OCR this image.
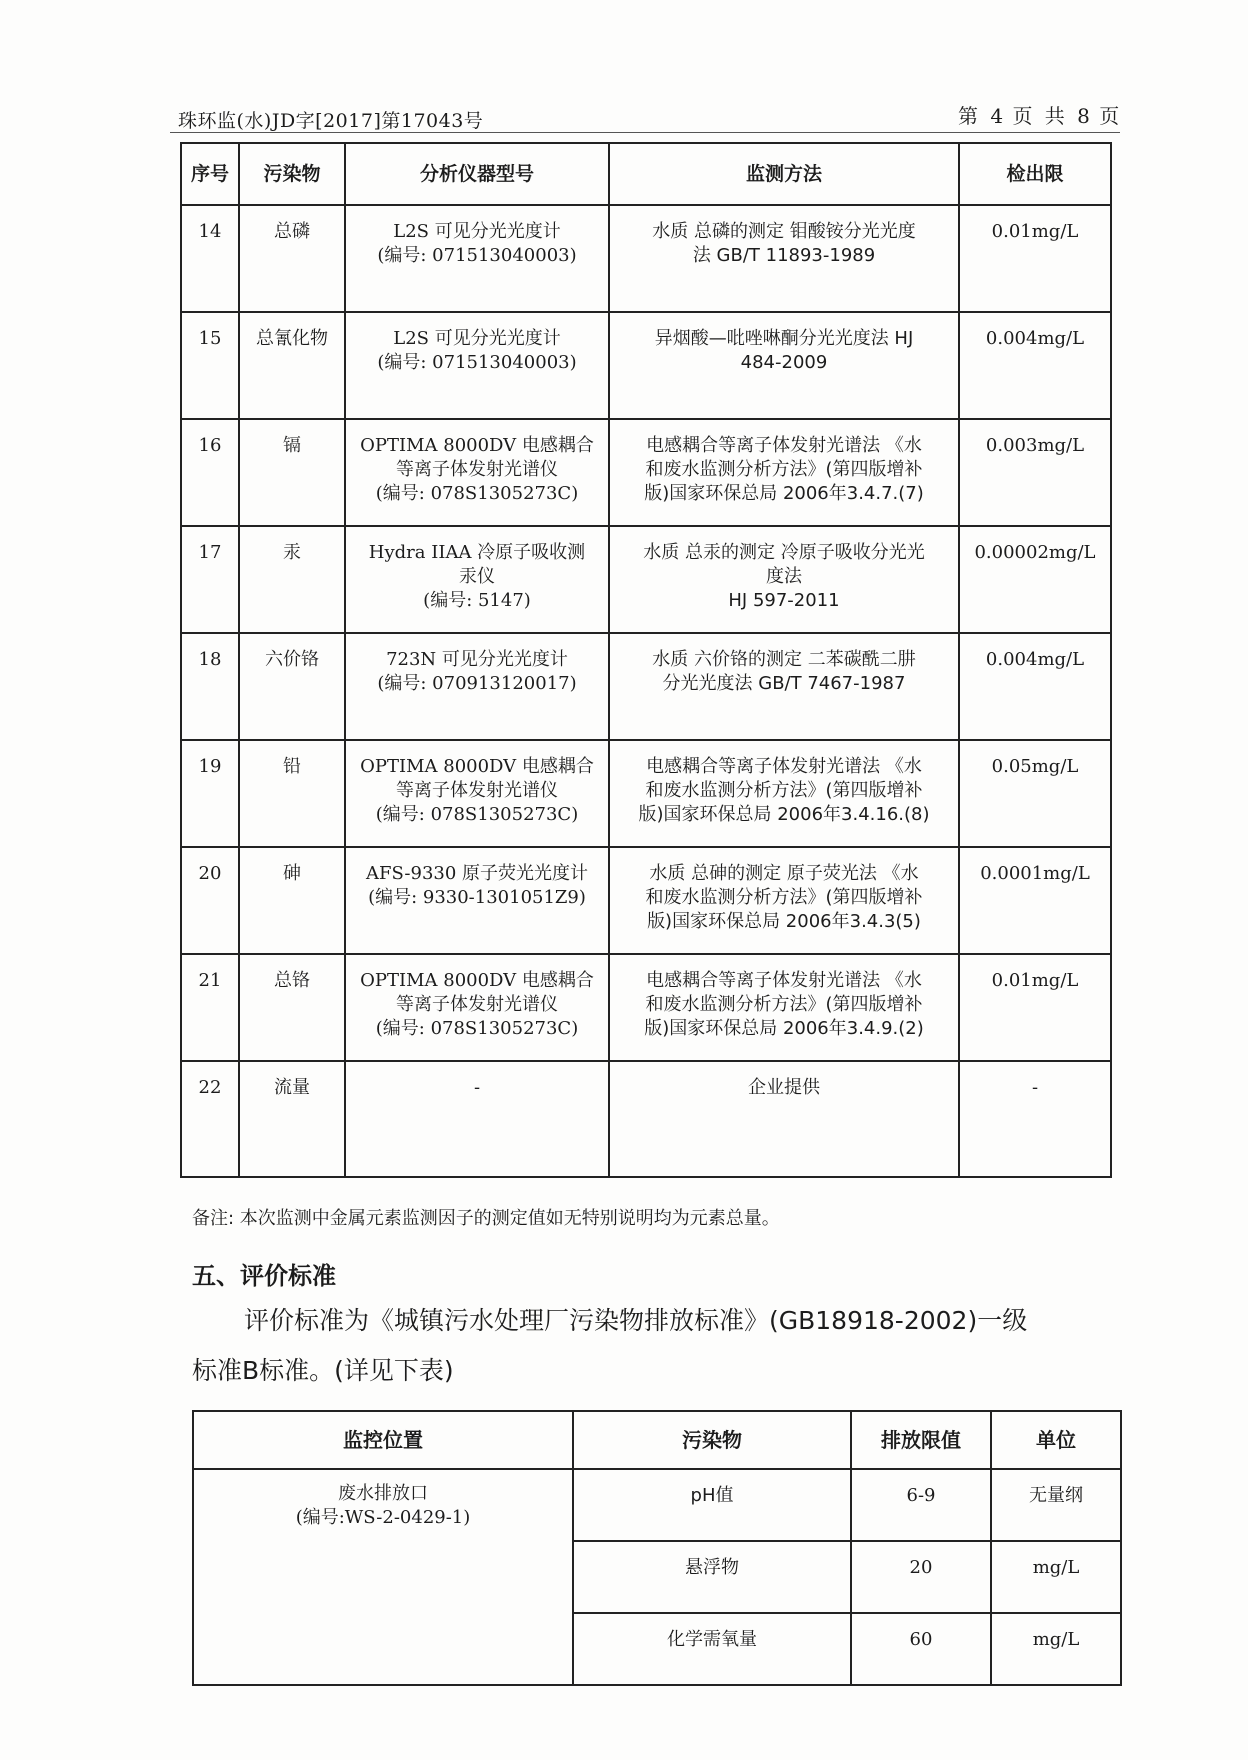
珠环监(水)JD字[2017]第17043号	第 4 页 共 8 页
序号	污染物	分析仪器型号	监测方法	检出限
14	总磷	L2S 可见分光光度计
(编号: 071513040003)	水质 总磷的测定 钼酸铵分光光度
法 GB/T 11893-1989	0.01mg/L
15	总氰化物	L2S 可见分光光度计
(编号: 071513040003)	异烟酸—吡唑啉酮分光光度法 HJ
484-2009	0.004mg/L
16	镉	OPTIMA 8000DV 电感耦合
等离子体发射光谱仪
(编号: 078S1305273C)	电感耦合等离子体发射光谱法 《水
和废水监测分析方法》(第四版增补
版)国家环保总局 2006年3.4.7.(7)	0.003mg/L
17	汞	Hydra IIAA 冷原子吸收测
汞仪
(编号: 5147)	水质 总汞的测定 冷原子吸收分光光
度法
HJ 597-2011	0.00002mg/L
18	六价铬	723N 可见分光光度计
(编号: 070913120017)	水质 六价铬的测定 二苯碳酰二肼
分光光度法 GB/T 7467-1987	0.004mg/L
19	铅	OPTIMA 8000DV 电感耦合
等离子体发射光谱仪
(编号: 078S1305273C)	电感耦合等离子体发射光谱法 《水
和废水监测分析方法》(第四版增补
版)国家环保总局 2006年3.4.16.(8)	0.05mg/L
20	砷	AFS-9330 原子荧光光度计
(编号: 9330-1301051Z9)	水质 总砷的测定 原子荧光法 《水
和废水监测分析方法》(第四版增补
版)国家环保总局 2006年3.4.3(5)	0.0001mg/L
21	总铬	OPTIMA 8000DV 电感耦合
等离子体发射光谱仪
(编号: 078S1305273C)	电感耦合等离子体发射光谱法 《水
和废水监测分析方法》(第四版增补
版)国家环保总局 2006年3.4.9.(2)	0.01mg/L
22	流量	-	企业提供	-
备注: 本次监测中金属元素监测因子的测定值如无特别说明均为元素总量。
五、评价标准
评价标准为《城镇污水处理厂污染物排放标准》(GB18918-2002)一级
标准B标准。(详见下表)
监控位置	污染物	排放限值	单位
废水排放口
(编号:WS-2-0429-1)	pH值	6-9	无量纲
	悬浮物	20	mg/L
	化学需氧量	60	mg/L
